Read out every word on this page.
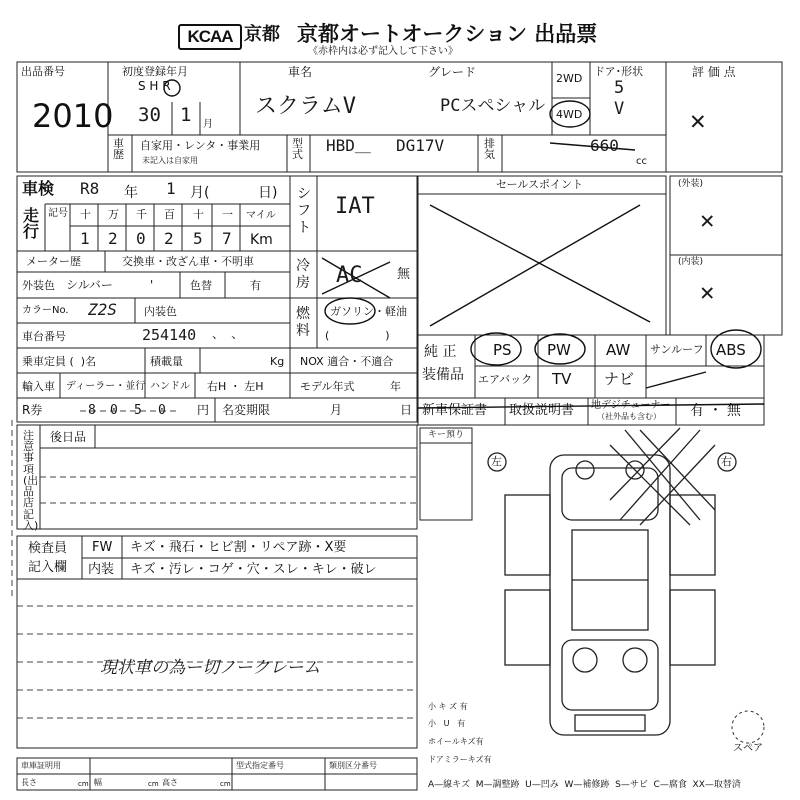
KCAA 京都 京都オートオークション 出品票
《赤枠内は必ず記入して下さい》
出品番号
2010
初度登録年月
S H R
30 1 月
車名
スクラムV
グレード
PCスペシャル
2WD
4WD
ドア･形状
5
V
評 価 点
✕
車歴
自家用・レンタ・事業用
未記入は自家用
型式 HBD＿ DG17V	排気	660
cc
車検 R8 年 1 月(	日)
走行
記号 十 万 千 百 十 一 マイル
1 2 0 2 5 7 Km
シフト
IAT
メーター歴	交換車・改ざん車・不明車	冷房 AC	無
外装色 シルバー	'	色替	有
カラーNo. Z2S 内装色	燃料
ガソリン・軽油
(                )
車台番号	254140 、 、
乗車定員 (  )名	積載量	Kg NOX 適合・不適合
輸入車 ディーラー・並行 ハンドル 右H ・ 左H	モデル年式	年
R券	8 0 5 0	円 名変期限	月	日
セールスポイント	(外装)
✕
(内装)
✕
純 正
装備品
PS PW AW サンルーフ ABS
エアバック TV ナビ
新車保証書 取扱説明書 地デジチューナー
（社外品も含む） 有 ・ 無
注意事項(出品店記入)
後日品	キー預り
左	右
スペア
小 キ ズ 有
小   U   有
ホイールキズ有
ドアミラーキズ有
検査員
記入欄
FW キズ・飛石・ヒビ割・リペア跡・X要
内装 キズ・汚レ・コゲ・穴・スレ・キレ・破レ
現状車の為ー切ノークレーム
車庫証明用
長さ	cm 幅	cm 高さ	cm
型式指定番号	類別区分番号
A—線キズ  M—調整跡  U—凹み  W—補修跡  S—サビ  C—腐食  XX—取替済
